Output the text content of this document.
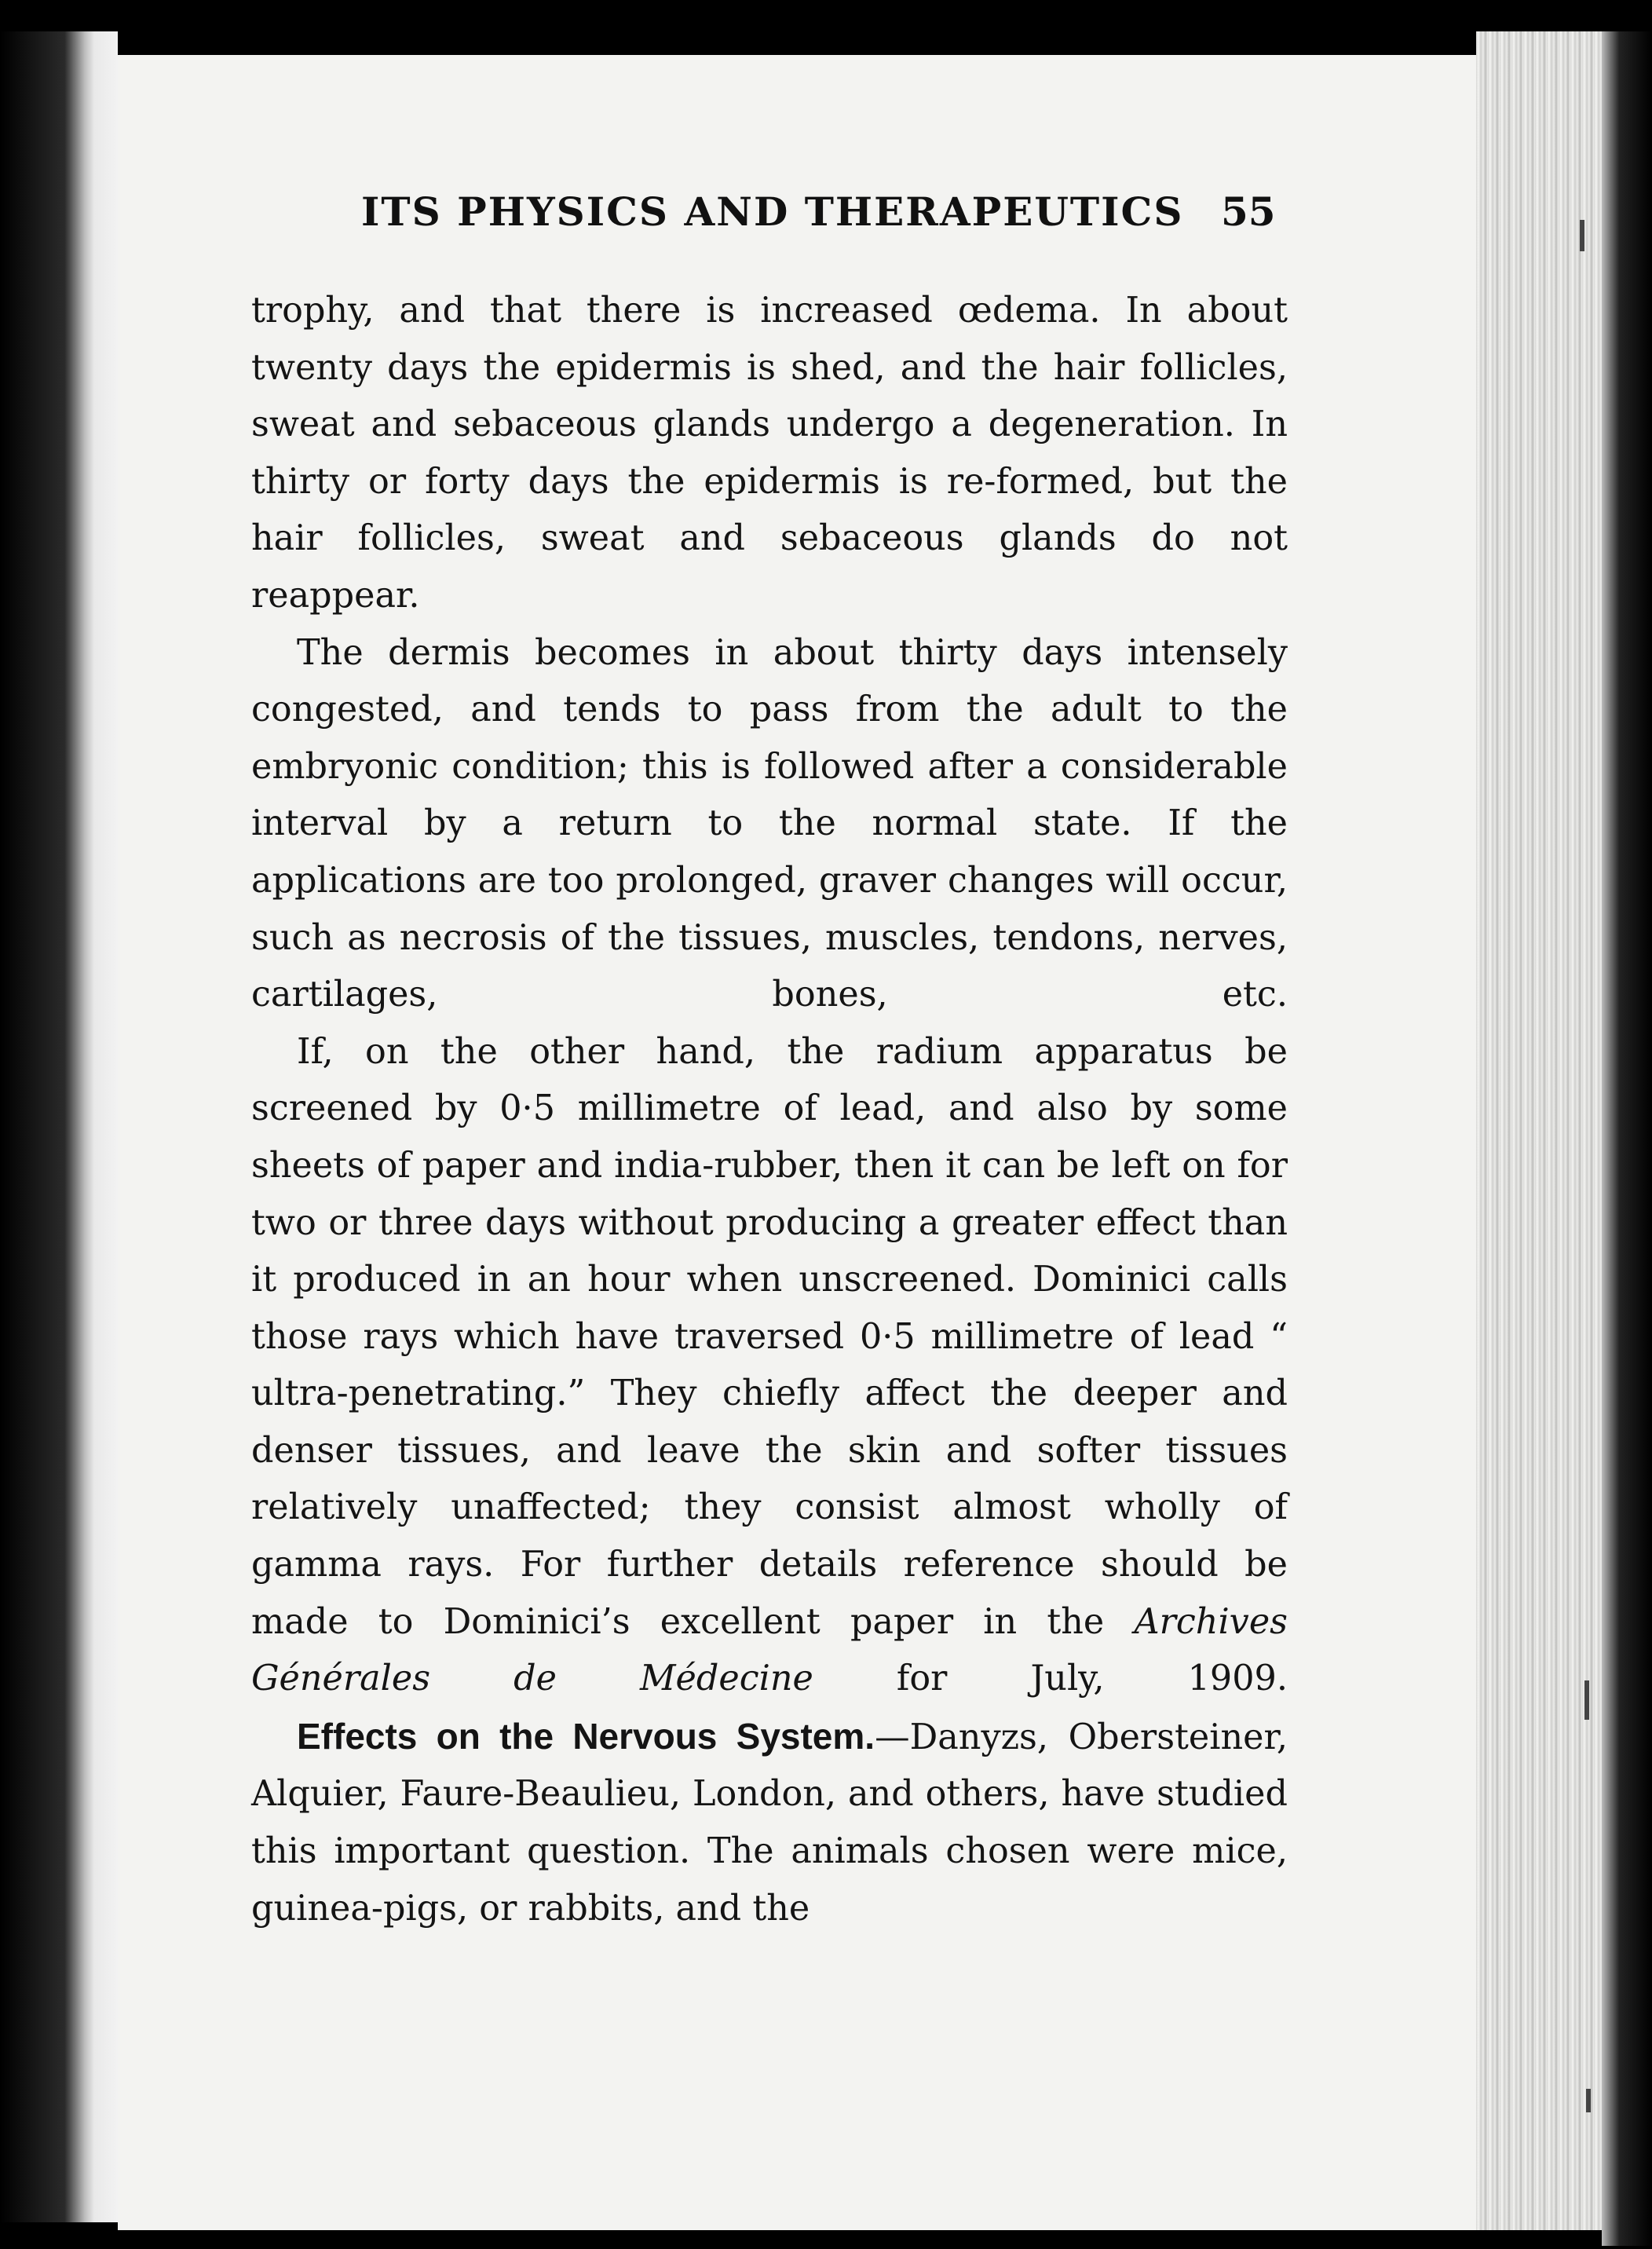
ITS PHYSICS AND THERAPEUTICS 55

trophy, and that there is increased œdema. In about twenty days the epidermis is shed, and the hair follicles, sweat and sebaceous glands undergo a degeneration. In thirty or forty days the epidermis is re-formed, but the hair follicles, sweat and sebaceous glands do not reappear.

The dermis becomes in about thirty days intensely congested, and tends to pass from the adult to the embryonic condition; this is followed after a considerable interval by a return to the normal state. If the applications are too prolonged, graver changes will occur, such as necrosis of the tissues, muscles, tendons, nerves, cartilages, bones, etc.

If, on the other hand, the radium apparatus be screened by 0·5 millimetre of lead, and also by some sheets of paper and india-rubber, then it can be left on for two or three days without producing a greater effect than it produced in an hour when unscreened. Dominici calls those rays which have traversed 0·5 millimetre of lead “ ultra-penetrating.” They chiefly affect the deeper and denser tissues, and leave the skin and softer tissues relatively unaffected; they consist almost wholly of gamma rays. For further details reference should be made to Dominici’s excellent paper in the Archives Générales de Médecine for July, 1909.

Effects on the Nervous System.—Danyzs, Obersteiner, Alquier, Faure-Beaulieu, London, and others, have studied this important question. The animals chosen were mice, guinea-pigs, or rabbits, and the
